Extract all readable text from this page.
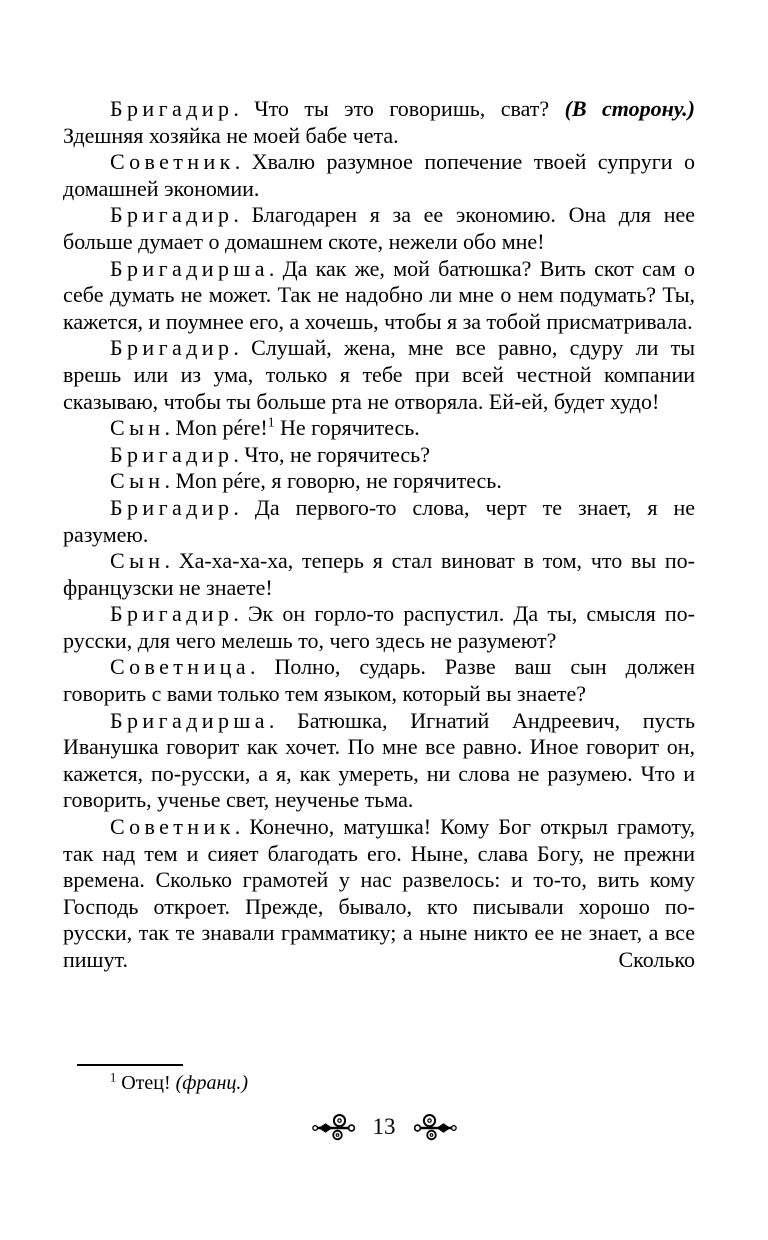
Бригадир. Что ты это говоришь, сват? (В сторону.) Здешняя хозяйка не моей бабе чета.

Советник. Хвалю разумное попечение твоей супруги о домашней экономии.

Бригадир. Благодарен я за ее экономию. Она для нее больше думает о домашнем скоте, нежели обо мне!

Бригадирша. Да как же, мой батюшка? Вить скот сам о себе думать не может. Так не надобно ли мне о нем подумать? Ты, кажется, и поумнее его, а хочешь, чтобы я за тобой присматривала.

Бригадир. Слушай, жена, мне все равно, сдуру ли ты врешь или из ума, только я тебе при всей честной компании сказываю, чтобы ты больше рта не отворяла. Ей-ей, будет худо!

Сын. Mon pére!$^1$ Не горячитесь.

Бригадир. Что, не горячитесь?

Сын. Mon pére, я говорю, не горячитесь.

Бригадир. Да первого-то слова, черт те знает, я не разумею.

Сын. Ха-ха-ха-ха, теперь я стал виноват в том, что вы по-французски не знаете!

Бригадир. Эк он горло-то распустил. Да ты, смысля по-русски, для чего мелешь то, чего здесь не разумеют?

Советница. Полно, сударь. Разве ваш сын должен говорить с вами только тем языком, который вы знаете?

Бригадирша. Батюшка, Игнатий Андреевич, пусть Иванушка говорит как хочет. По мне все равно. Иное говорит он, кажется, по-русски, а я, как умереть, ни слова не разумею. Что и говорить, ученье свет, неученье тьма.

Советник. Конечно, матушка! Кому Бог открыл грамоту, так над тем и сияет благодать его. Ныне, слава Богу, не прежни времена. Сколько грамотей у нас развелось: и то-то, вить кому Господь откроет. Прежде, бывало, кто писывали хорошо по-русски, так те знавали грамматику; а ныне никто ее не знает, а все пишут. Сколько

$^1$ Отец! (франц.)

13
